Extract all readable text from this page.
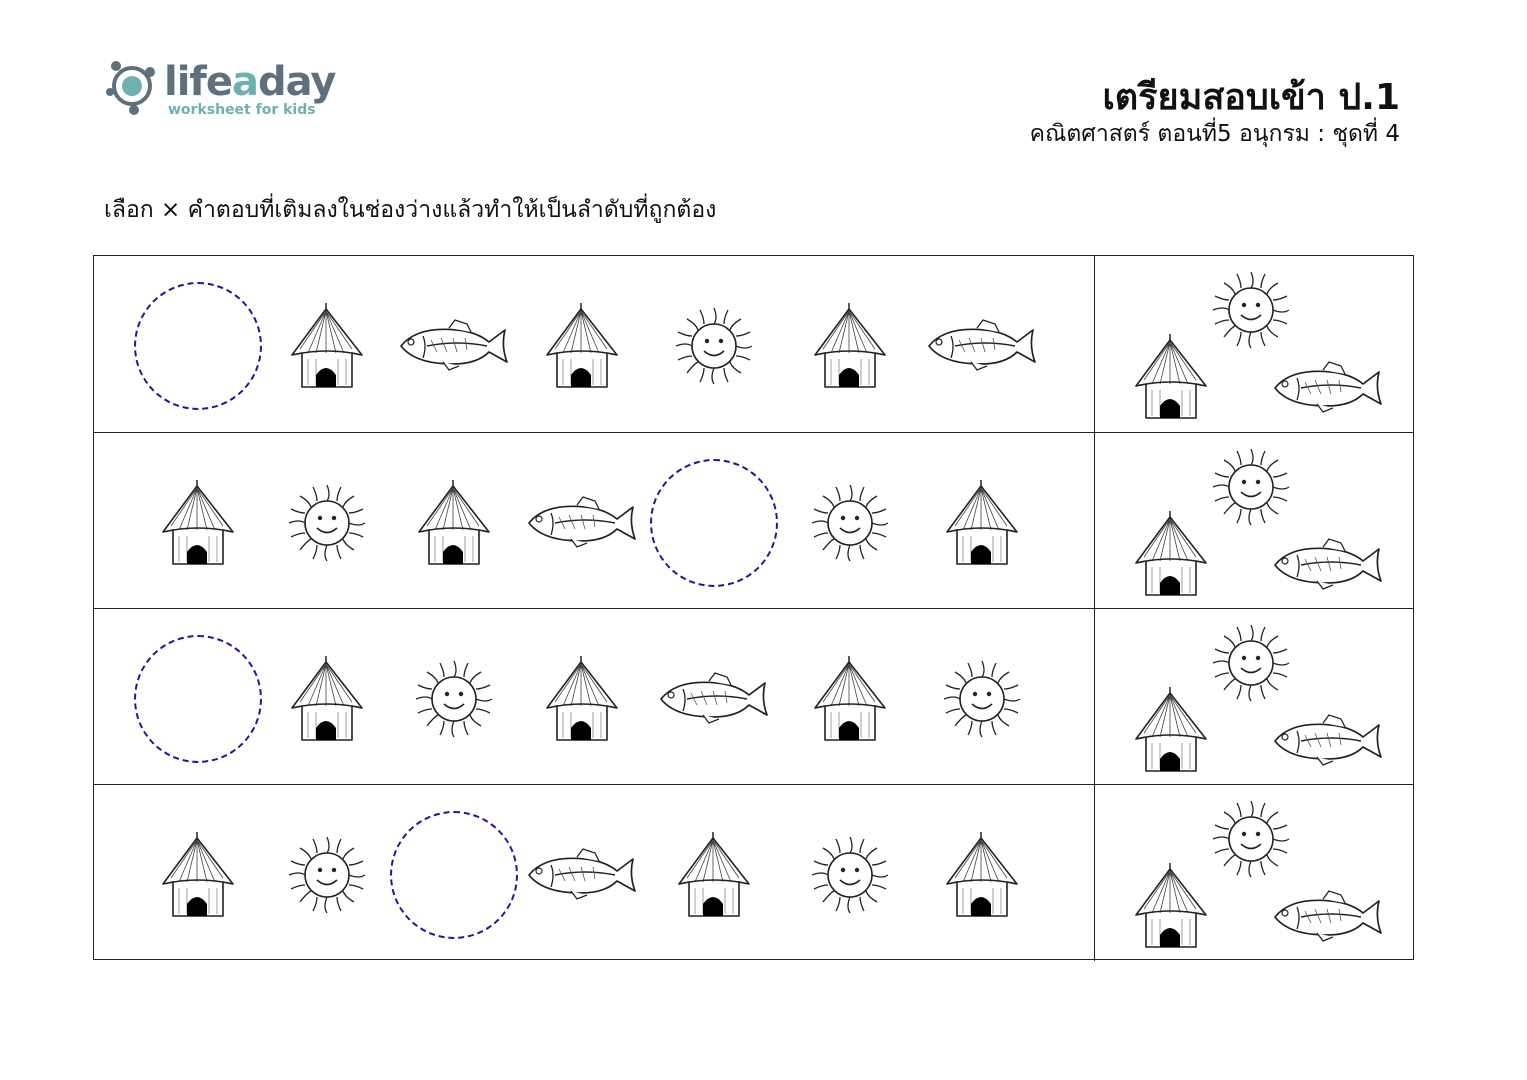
lifeaday
worksheet for kids	เตรียมสอบเข้า ป.1
คณิตศาสตร์ ตอนที่5 อนุกรม : ชุดที่ 4
เลือก × คำตอบที่เติมลงในช่องว่างแล้วทำให้เป็นลำดับที่ถูกต้อง
